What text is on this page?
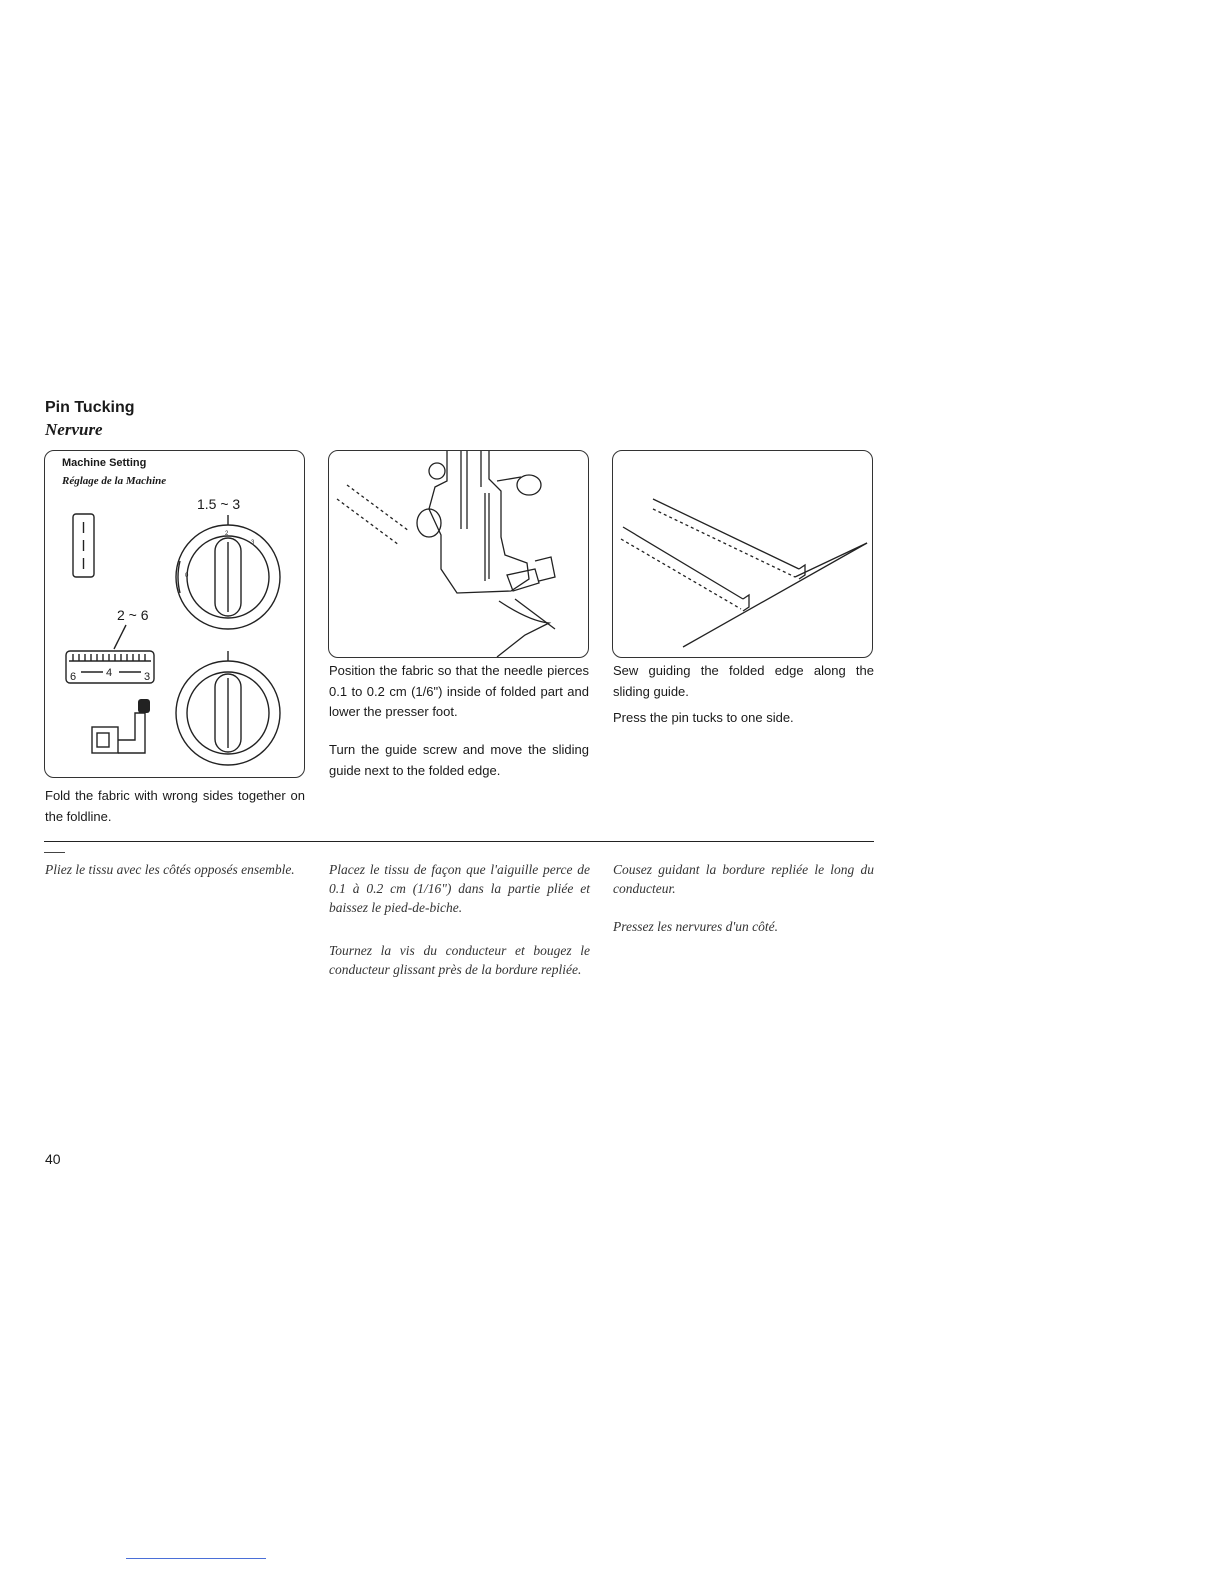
Pin Tucking
Nervure
Machine Setting
Réglage de la Machine
1.5 ~ 3
2 ~ 6
6	4	3
2
3
0

Fold the fabric with wrong sides together on the foldline.

Position the fabric so that the needle pierces 0.1 to 0.2 cm (1/6") inside of folded part and lower the presser foot.

Turn the guide screw and move the sliding guide next to the folded edge.

Sew guiding the folded edge along the sliding guide.

Press the pin tucks to one side.

Pliez le tissu avec les côtés opposés ensemble.	Placez le tissu de façon que l'aiguille perce de 0.1 à 0.2 cm (1/16") dans la partie pliée et baissez le pied-de-biche.

Tournez la vis du conducteur et bougez le conducteur glissant près de la bordure repliée.

Cousez guidant la bordure repliée le long du conducteur.

Pressez les nervures d'un côté.

40
